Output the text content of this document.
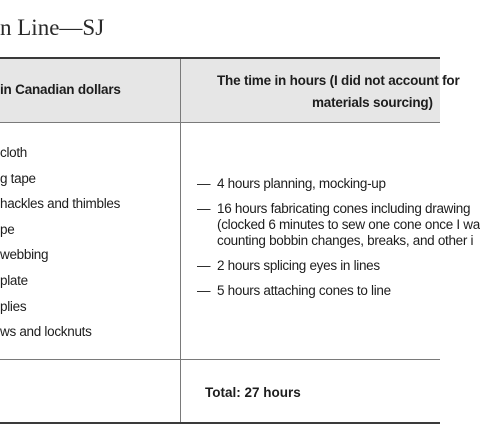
n Line—SJ
in Canadian dollars
The time in hours (I did not account for
materials sourcing)
cloth
g tape
hackles and thimbles
pe
webbing
plate
plies
ws and locknuts
— 4 hours planning, mocking-up
— 16 hours fabricating cones including drawing
(clocked 6 minutes to sew one cone once I wa
counting bobbin changes, breaks, and other i
— 2 hours splicing eyes in lines
— 5 hours attaching cones to line
Total: 27 hours
